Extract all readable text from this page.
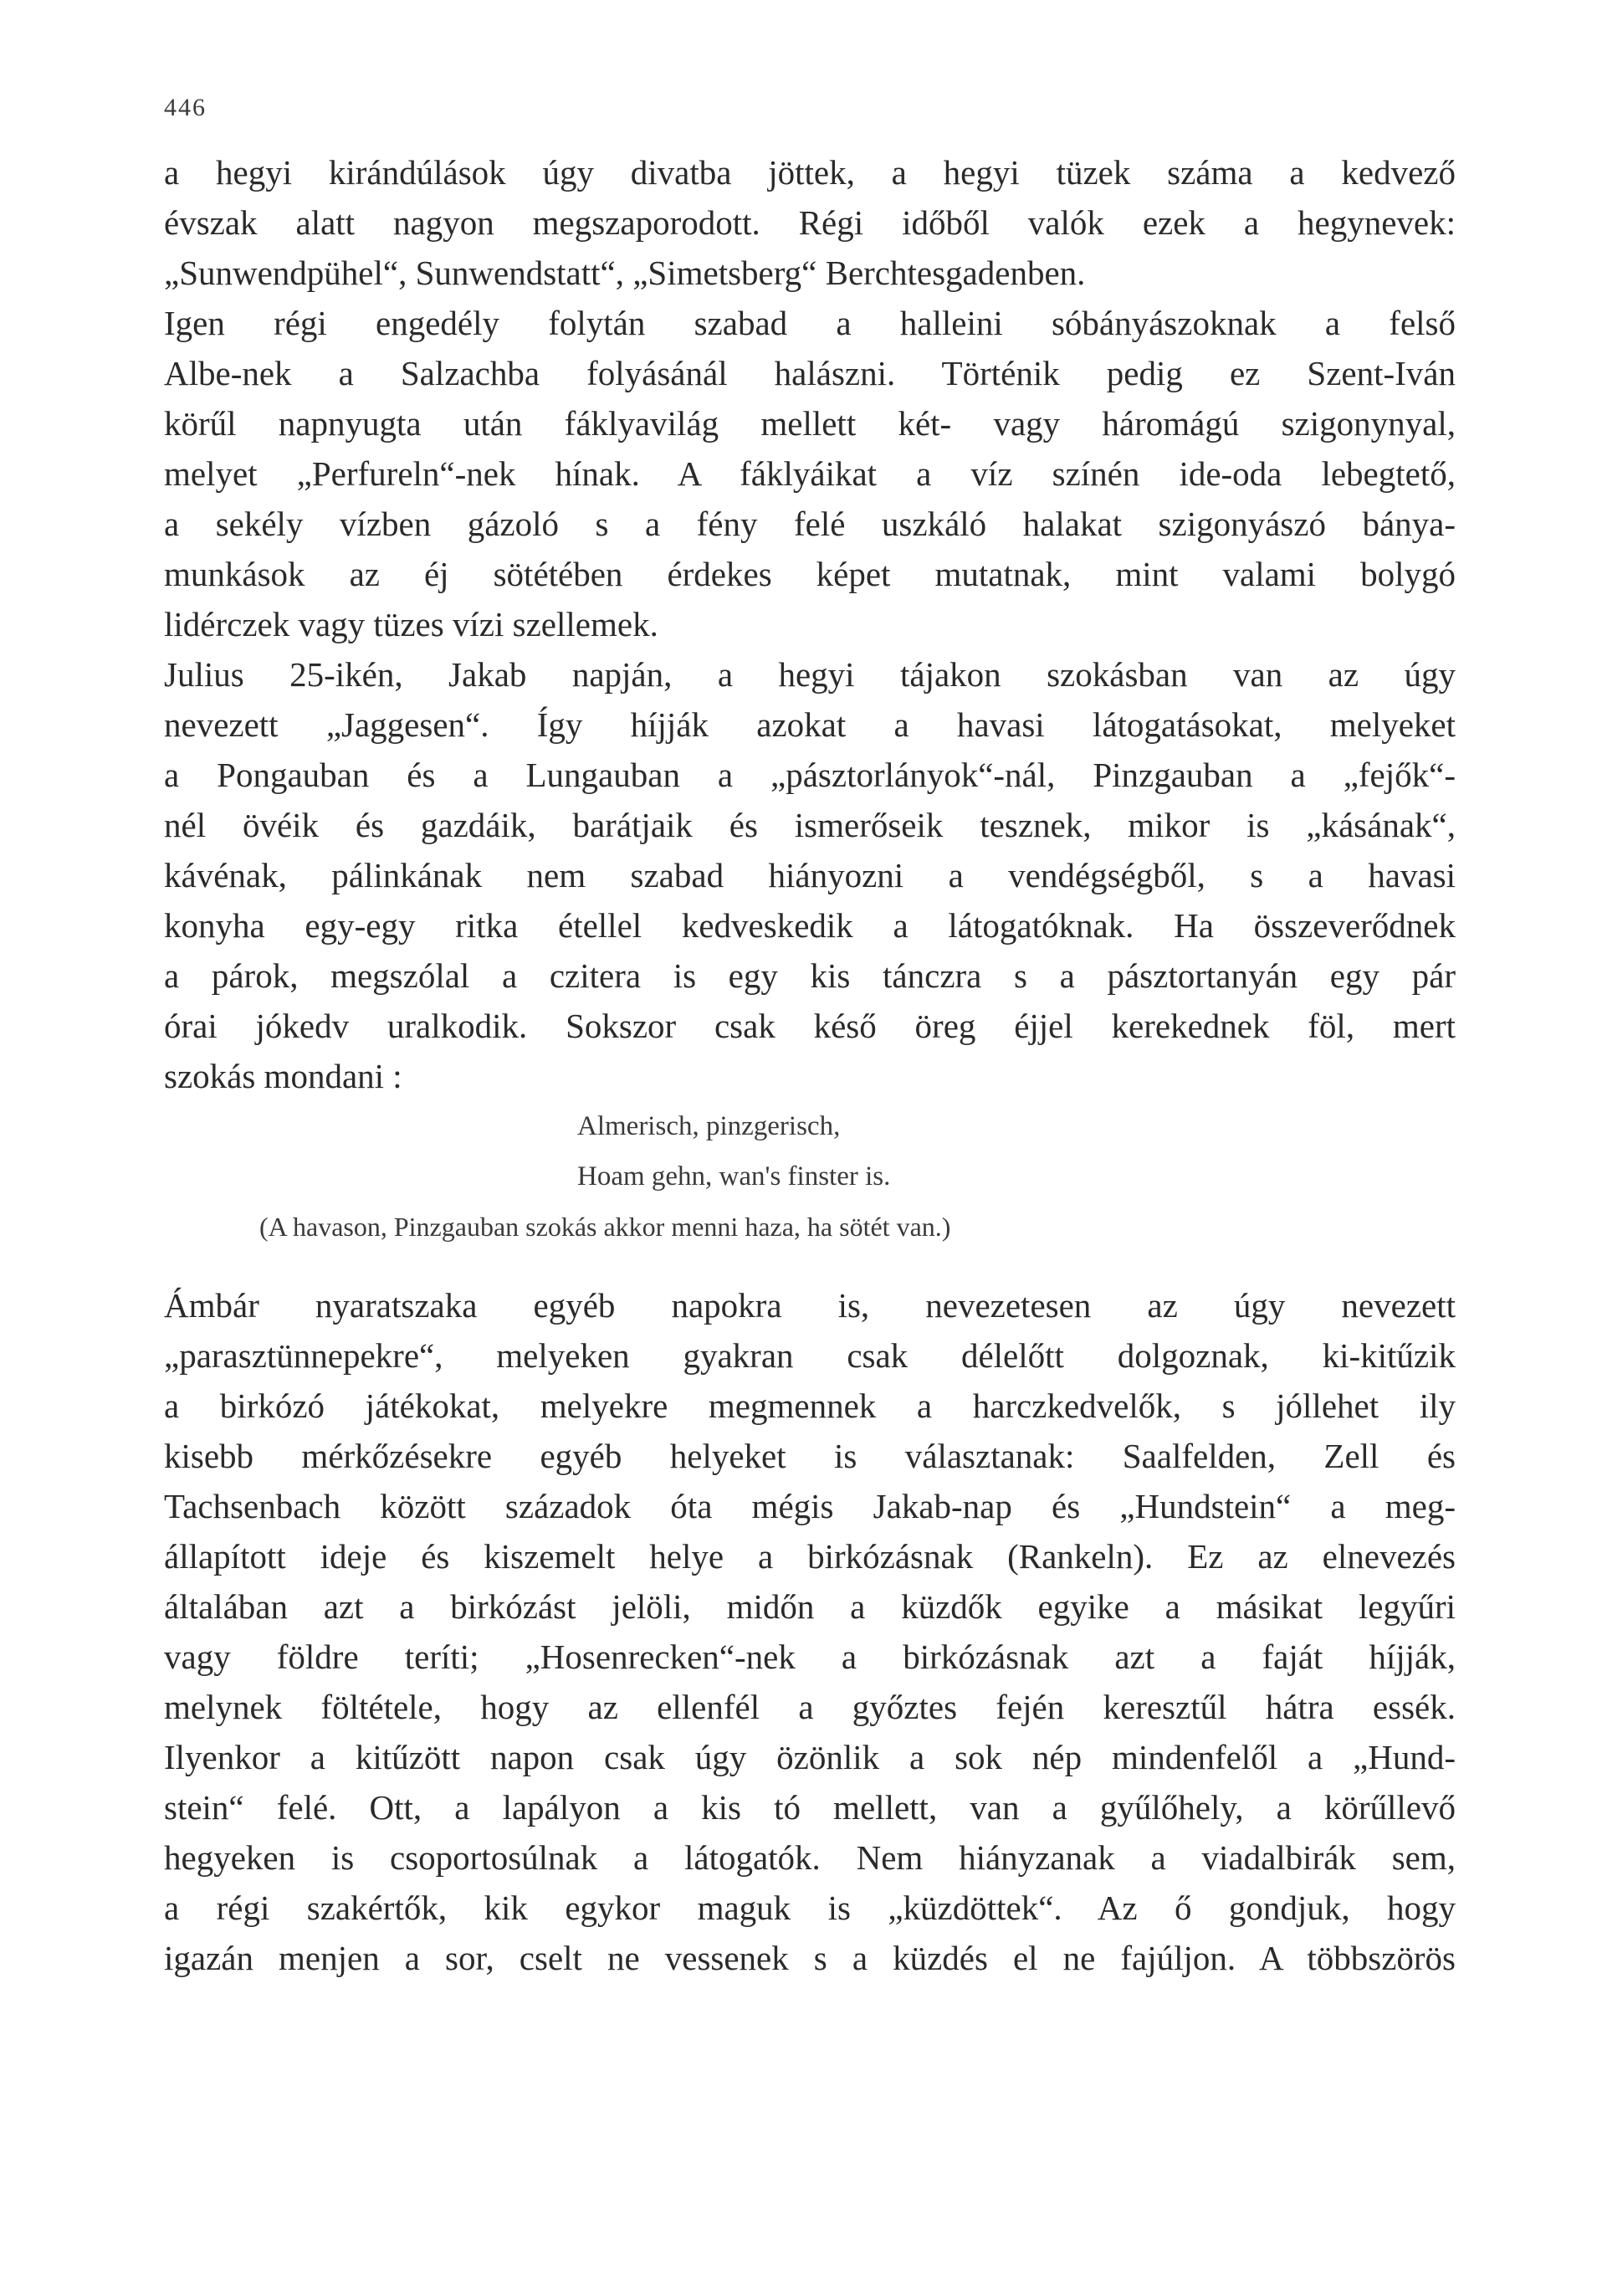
446
a hegyi kirándúlások úgy divatba jöttek, a hegyi tüzek száma a kedvező
évszak alatt nagyon megszaporodott. Régi időből valók ezek a hegynevek:
„Sunwendpühel“, Sunwendstatt“, „Simetsberg“ Berchtesgadenben.
Igen régi engedély folytán szabad a halleini sóbányászoknak a felső
Albe-nek a Salzachba folyásánál halászni. Történik pedig ez Szent-Iván
körűl napnyugta után fáklyavilág mellett két- vagy háromágú szigonynyal,
melyet „Perfureln“-nek hínak. A fáklyáikat a víz színén ide-oda lebegtető,
a sekély vízben gázoló s a fény felé uszkáló halakat szigonyászó bánya-
munkások az éj sötétében érdekes képet mutatnak, mint valami bolygó
lidérczek vagy tüzes vízi szellemek.
Julius 25-ikén, Jakab napján, a hegyi tájakon szokásban van az úgy
nevezett „Jaggesen“. Így híjják azokat a havasi látogatásokat, melyeket
a Pongauban és a Lungauban a „pásztorlányok“-nál, Pinzgauban a „fejők“-
nél övéik és gazdáik, barátjaik és ismerőseik tesznek, mikor is „kásának“,
kávénak, pálinkának nem szabad hiányozni a vendégségből, s a havasi
konyha egy-egy ritka étellel kedveskedik a látogatóknak. Ha összeverődnek
a párok, megszólal a czitera is egy kis tánczra s a pásztortanyán egy pár
órai jókedv uralkodik. Sokszor csak késő öreg éjjel kerekednek föl, mert
szokás mondani :
Almerisch, pinzgerisch,
Hoam gehn, wan's finster is.
(A havason, Pinzgauban szokás akkor menni haza, ha sötét van.)
Ámbár nyaratszaka egyéb napokra is, nevezetesen az úgy nevezett
„parasztünnepekre“, melyeken gyakran csak délelőtt dolgoznak, ki-kitűzik
a birkózó játékokat, melyekre megmennek a harczkedvelők, s jóllehet ily
kisebb mérkőzésekre egyéb helyeket is választanak: Saalfelden, Zell és
Tachsenbach között századok óta mégis Jakab-nap és „Hundstein“ a meg-
állapított ideje és kiszemelt helye a birkózásnak (Rankeln). Ez az elnevezés
általában azt a birkózást jelöli, midőn a küzdők egyike a másikat legyűri
vagy földre teríti; „Hosenrecken“-nek a birkózásnak azt a faját híjják,
melynek föltétele, hogy az ellenfél a győztes fején keresztűl hátra essék.
Ilyenkor a kitűzött napon csak úgy özönlik a sok nép mindenfelől a „Hund-
stein“ felé. Ott, a lapályon a kis tó mellett, van a gyűlőhely, a körűllevő
hegyeken is csoportosúlnak a látogatók. Nem hiányzanak a viadalbirák sem,
a régi szakértők, kik egykor maguk is „küzdöttek“. Az ő gondjuk, hogy
igazán menjen a sor, cselt ne vessenek s a küzdés el ne fajúljon. A többszörös
